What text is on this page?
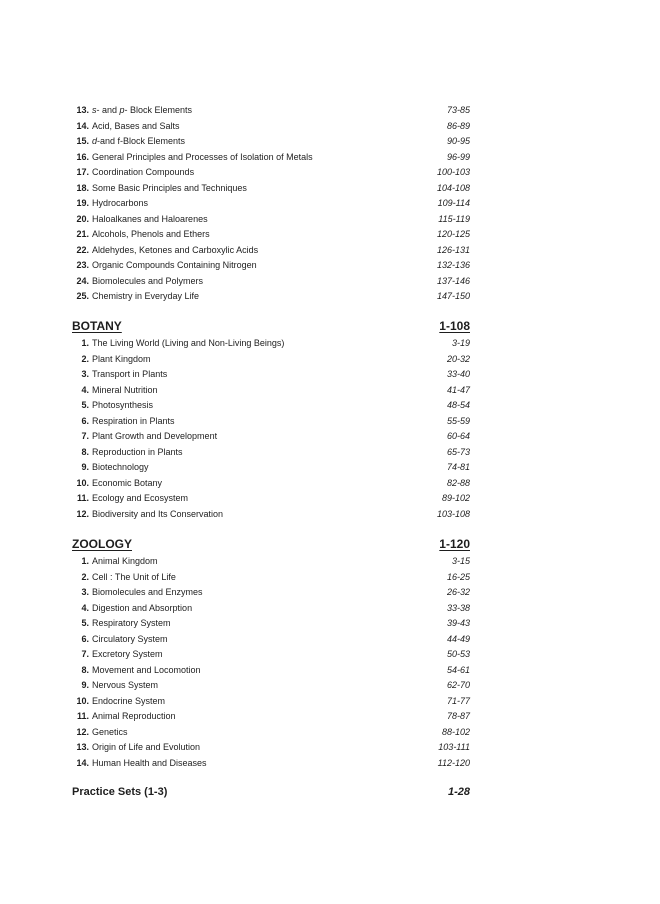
13. s- and p- Block Elements	73-85
14. Acid, Bases and Salts	86-89
15. d-and f-Block Elements	90-95
16. General Principles and Processes of Isolation of Metals	96-99
17. Coordination Compounds	100-103
18. Some Basic Principles and Techniques	104-108
19. Hydrocarbons	109-114
20. Haloalkanes and Haloarenes	115-119
21. Alcohols, Phenols and Ethers	120-125
22. Aldehydes, Ketones and Carboxylic Acids	126-131
23. Organic Compounds Containing Nitrogen	132-136
24. Biomolecules and Polymers	137-146
25. Chemistry in Everyday Life	147-150
BOTANY	1-108
1. The Living World (Living and Non-Living Beings)	3-19
2. Plant Kingdom	20-32
3. Transport in Plants	33-40
4. Mineral Nutrition	41-47
5. Photosynthesis	48-54
6. Respiration in Plants	55-59
7. Plant Growth and Development	60-64
8. Reproduction in Plants	65-73
9. Biotechnology	74-81
10. Economic Botany	82-88
11. Ecology and Ecosystem	89-102
12. Biodiversity and Its Conservation	103-108
ZOOLOGY	1-120
1. Animal Kingdom	3-15
2. Cell : The Unit of Life	16-25
3. Biomolecules and Enzymes	26-32
4. Digestion and Absorption	33-38
5. Respiratory System	39-43
6. Circulatory System	44-49
7. Excretory System	50-53
8. Movement and Locomotion	54-61
9. Nervous System	62-70
10. Endocrine System	71-77
11. Animal Reproduction	78-87
12. Genetics	88-102
13. Origin of Life and Evolution	103-111
14. Human Health and Diseases	112-120
Practice Sets (1-3)	1-28
